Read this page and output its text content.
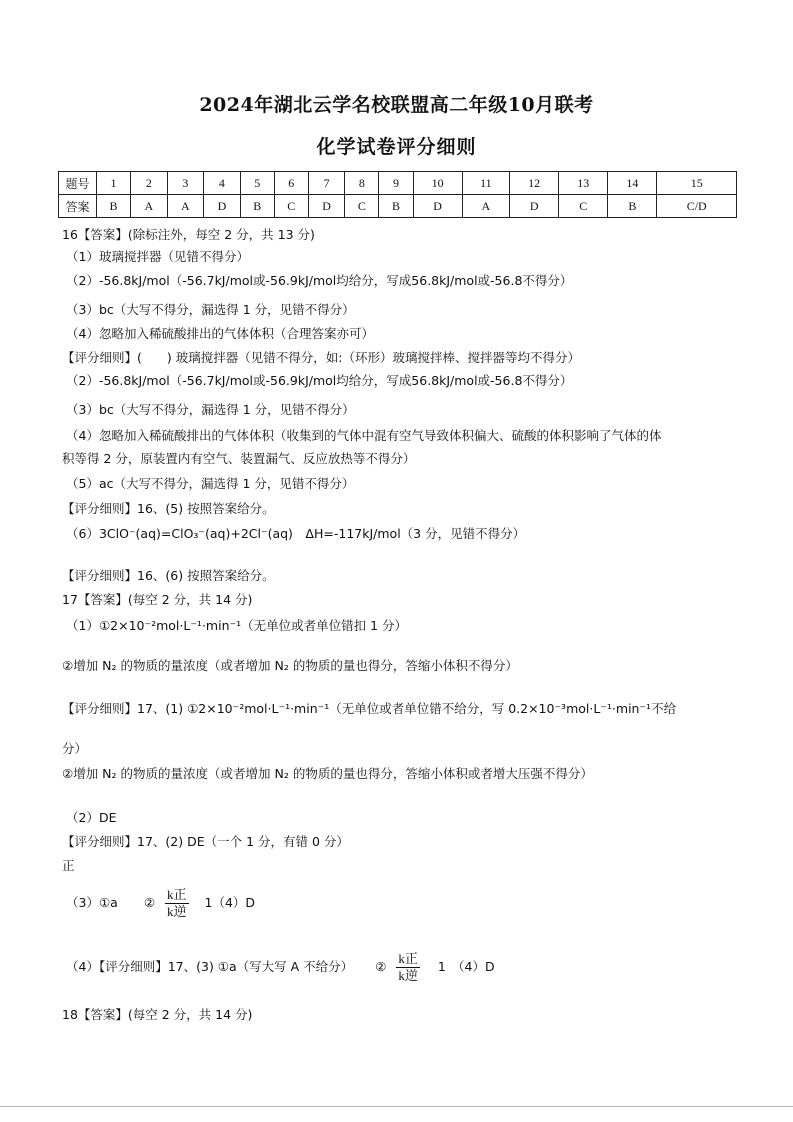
2024年湖北云学名校联盟高二年级10月联考
化学试卷评分细则
题号	1	2	3	4	5	6	7	8	9	10	11	12	13	14	15
答案	B	A	A	D	B	C	D	C	B	D	A	D	C	B	C/D
16【答案】(除标注外，每空 2 分，共 13 分)
（1）玻璃搅拌器（见错不得分）
（2）-56.8kJ/mol（-56.7kJ/mol或-56.9kJ/mol均给分，写成56.8kJ/mol或-56.8不得分）
（3）bc（大写不得分，漏选得 1 分，见错不得分）
（4）忽略加入稀硫酸排出的气体体积（合理答案亦可）
【评分细则】(　　) 玻璃搅拌器（见错不得分，如:（环形）玻璃搅拌棒、搅拌器等均不得分）
（2）-56.8kJ/mol（-56.7kJ/mol或-56.9kJ/mol均给分，写成56.8kJ/mol或-56.8不得分）
（3）bc（大写不得分，漏选得 1 分，见错不得分）
（4）忽略加入稀硫酸排出的气体体积（收集到的气体中混有空气导致体积偏大、硫酸的体积影响了气体的体
积等得 2 分，原装置内有空气、装置漏气、反应放热等不得分）
（5）ac（大写不得分，漏选得 1 分，见错不得分）
【评分细则】16、(5) 按照答案给分。
（6）3ClO⁻(aq)=ClO₃⁻(aq)+2Cl⁻(aq)　ΔH=-117kJ/mol（3 分，见错不得分）
【评分细则】16、(6) 按照答案给分。
17【答案】(每空 2 分，共 14 分)
（1）①2×10⁻²mol·L⁻¹·min⁻¹（无单位或者单位错扣 1 分）
②增加 N₂ 的物质的量浓度（或者增加 N₂ 的物质的量也得分，答缩小体积不得分）
【评分细则】17、(1) ①2×10⁻²mol·L⁻¹·min⁻¹（无单位或者单位错不给分，写 0.2×10⁻³mol·L⁻¹·min⁻¹不给
分）
②增加 N₂ 的物质的量浓度（或者增加 N₂ 的物质的量也得分，答缩小体积或者增大压强不得分）
（2）DE
【评分细则】17、(2) DE（一个 1 分，有错 0 分）
正
（3）①a ② $\frac{\text{k正}}{\text{k逆}} 1(4)D$
（4）【评分细则】17、(3) ①a（写大写 A 不给分） ② $\frac{\text{k正}}{\text{k逆}} 1$　（4）D
18【答案】(每空 2 分，共 14 分)
